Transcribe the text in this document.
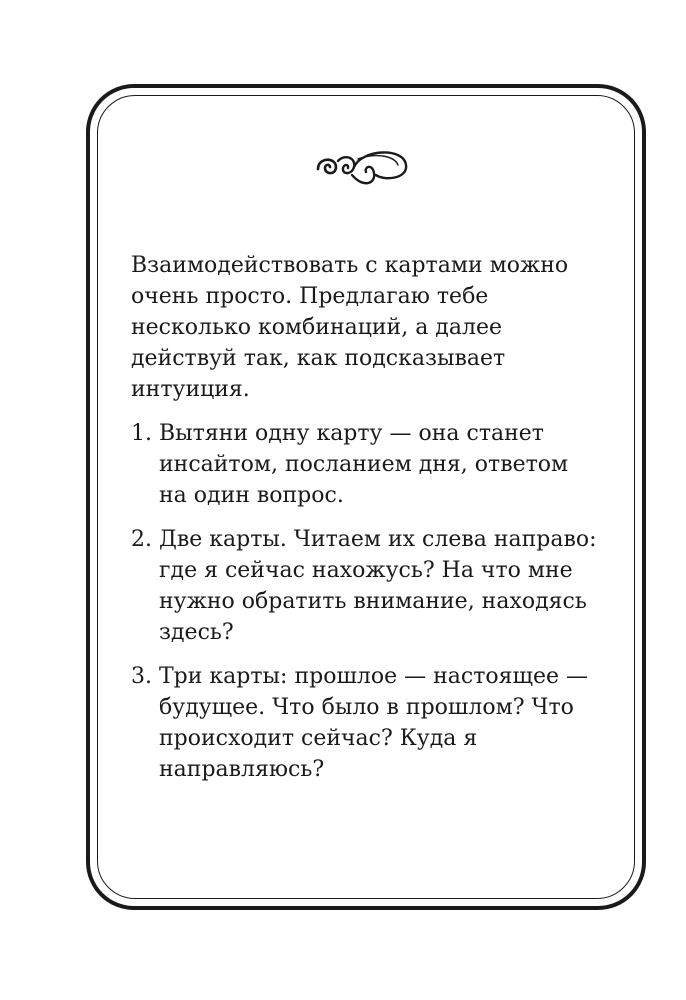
Взаимодействовать с картами можно очень просто. Предлагаю тебе несколько комбинаций, а далее действуй так, как подсказывает интуиция.

1. Вытяни одну карту — она станет инсайтом, посланием дня, ответом на один вопрос.
2. Две карты. Читаем их слева направо: где я сейчас нахожусь? На что мне нужно обратить внимание, находясь здесь?
3. Три карты: прошлое — настоящее — будущее. Что было в прошлом? Что происходит сейчас? Куда я направляюсь?
